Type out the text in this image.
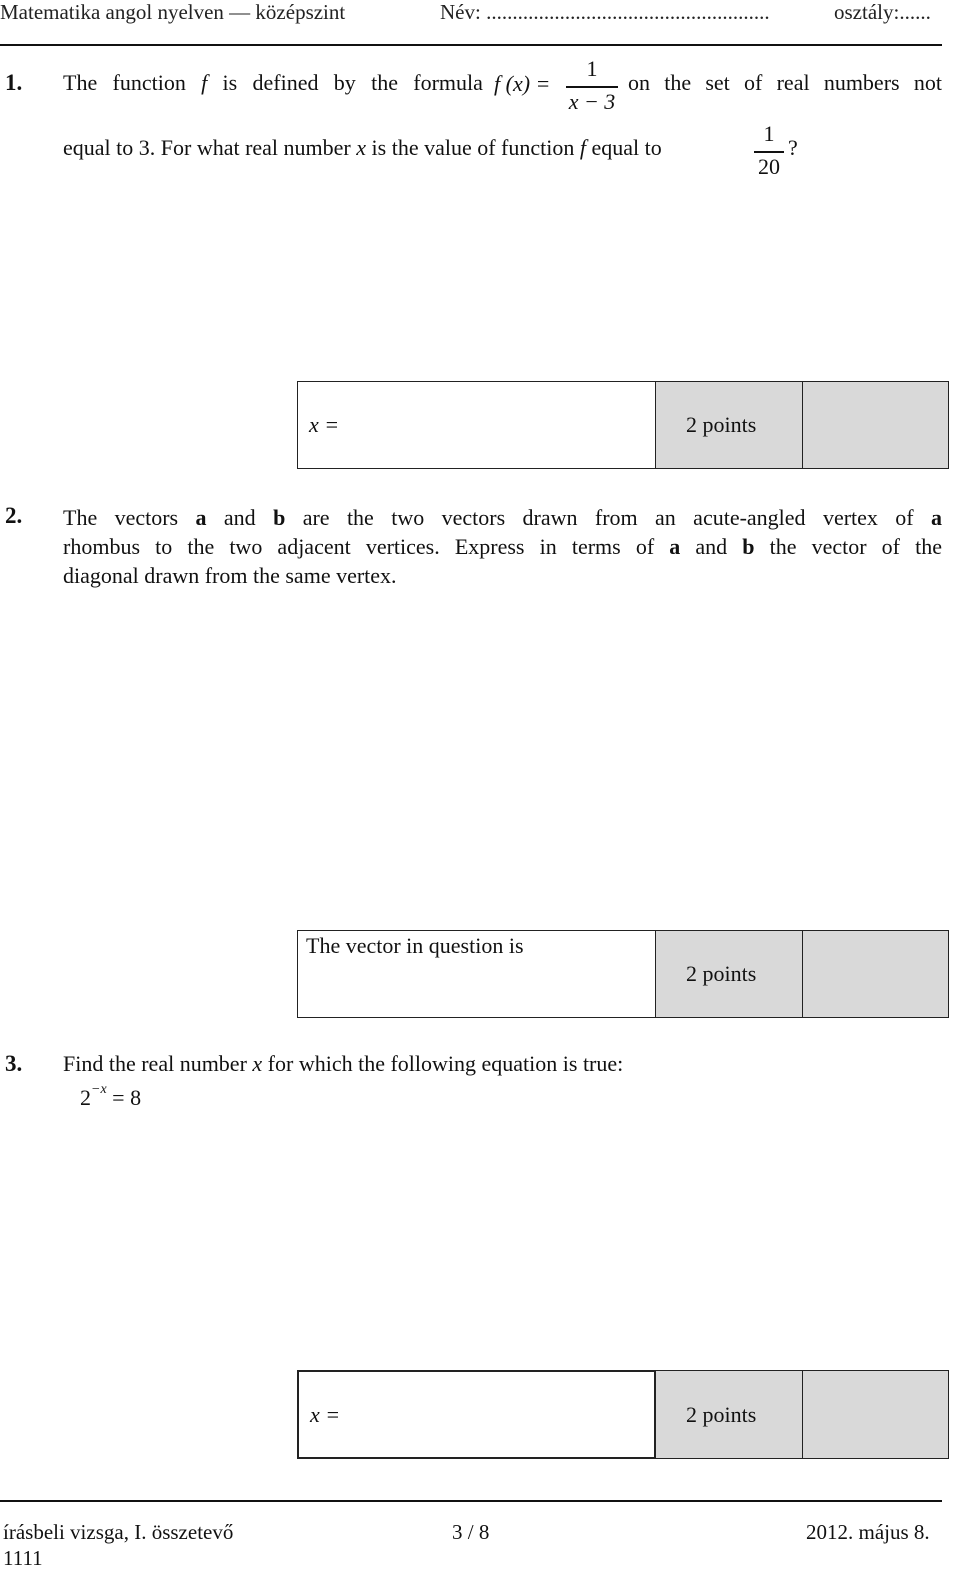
Matematika angol nyelven — középszint	Név: ......................................................	osztály:......
1. The function f is defined by the formula f (x) =
1
x − 3
on the set of real numbers not
equal to 3. For what real number x is the value of function f equal to
1
20
?
x =	2 points
2. The vectors a and b are the two vectors drawn from an acute-angled vertex of a
rhombus to the two adjacent vertices. Express in terms of a and b the vector of the
diagonal drawn from the same vertex.
The vector in question is
2 points
3. Find the real number x for which the following equation is true:
$2^{-x} = 8$
x =	2 points
írásbeli vizsga, I. összetevő
1111
3 / 8	2012. május 8.
